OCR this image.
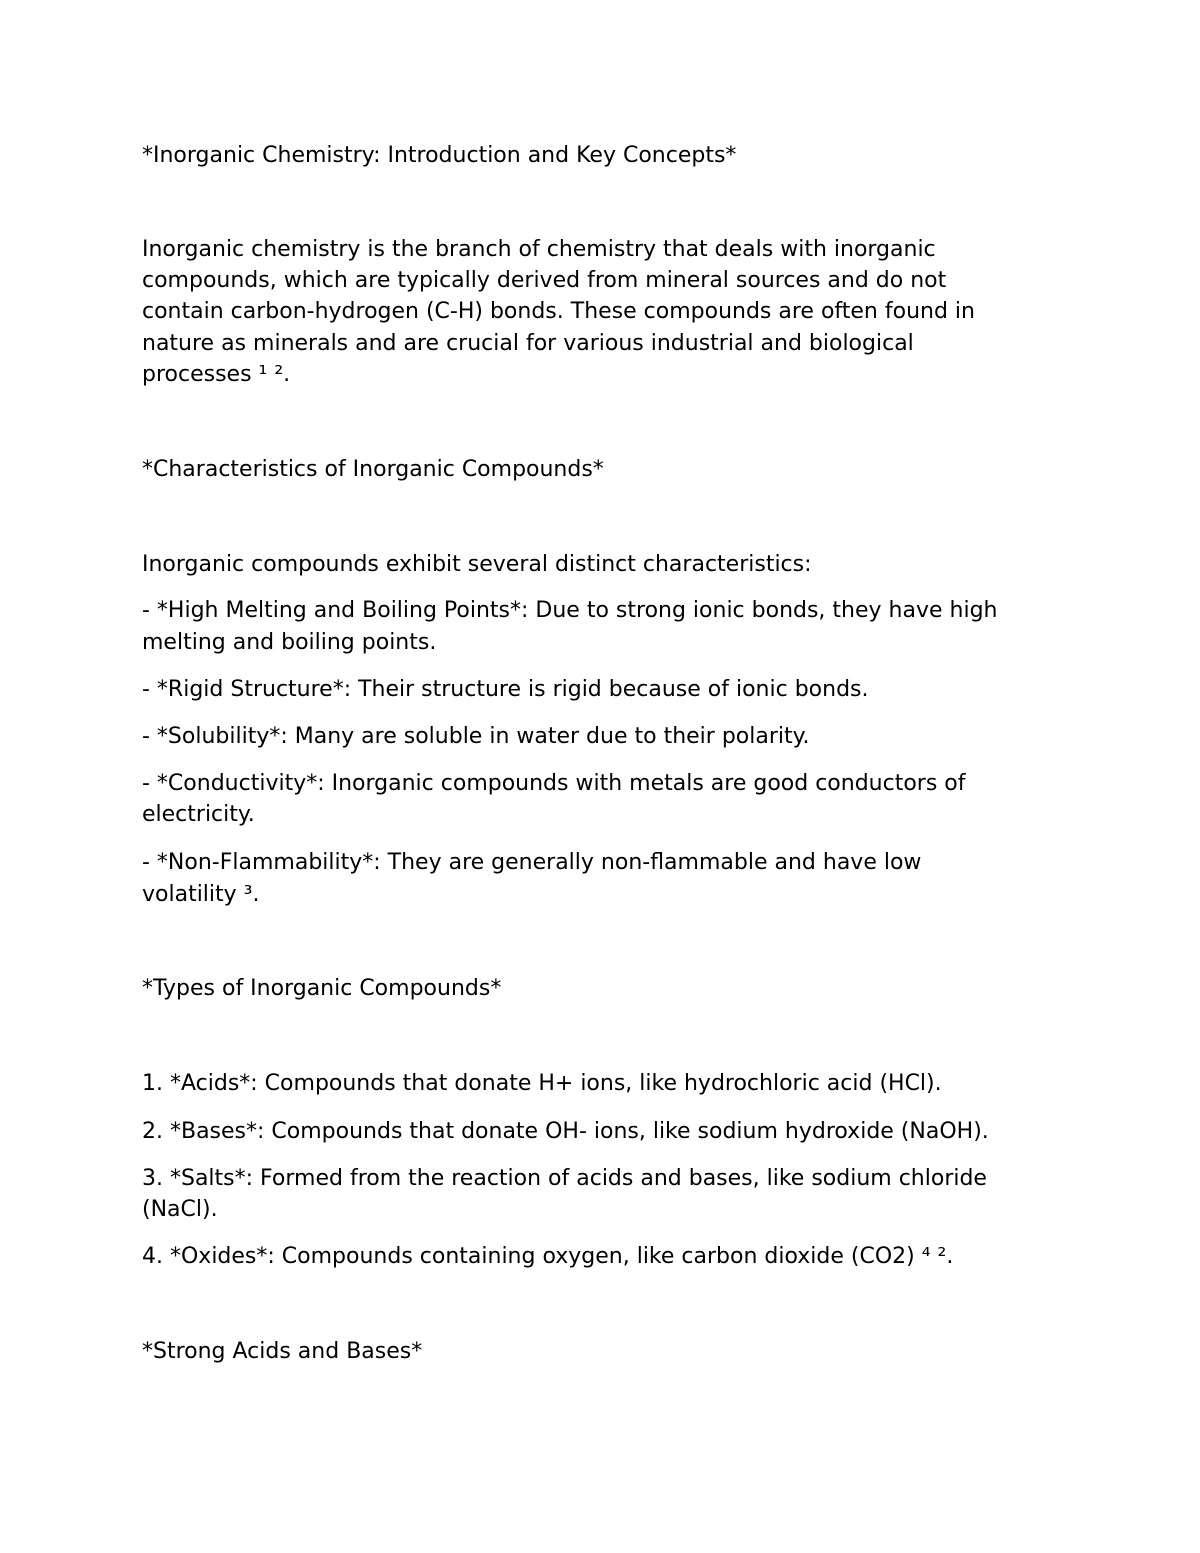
*Inorganic Chemistry: Introduction and Key Concepts*

Inorganic chemistry is the branch of chemistry that deals with inorganic

compounds, which are typically derived from mineral sources and do not

contain carbon-hydrogen (C-H) bonds. These compounds are often found in

nature as minerals and are crucial for various industrial and biological

processes ¹ ².

*Characteristics of Inorganic Compounds*

Inorganic compounds exhibit several distinct characteristics:

- *High Melting and Boiling Points*: Due to strong ionic bonds, they have high

melting and boiling points.

- *Rigid Structure*: Their structure is rigid because of ionic bonds.

- *Solubility*: Many are soluble in water due to their polarity.

- *Conductivity*: Inorganic compounds with metals are good conductors of

electricity.

- *Non-Flammability*: They are generally non-flammable and have low

volatility ³.

*Types of Inorganic Compounds*

1. *Acids*: Compounds that donate H+ ions, like hydrochloric acid (HCl).

2. *Bases*: Compounds that donate OH- ions, like sodium hydroxide (NaOH).

3. *Salts*: Formed from the reaction of acids and bases, like sodium chloride

(NaCl).

4. *Oxides*: Compounds containing oxygen, like carbon dioxide (CO2) ⁴ ².

*Strong Acids and Bases*
